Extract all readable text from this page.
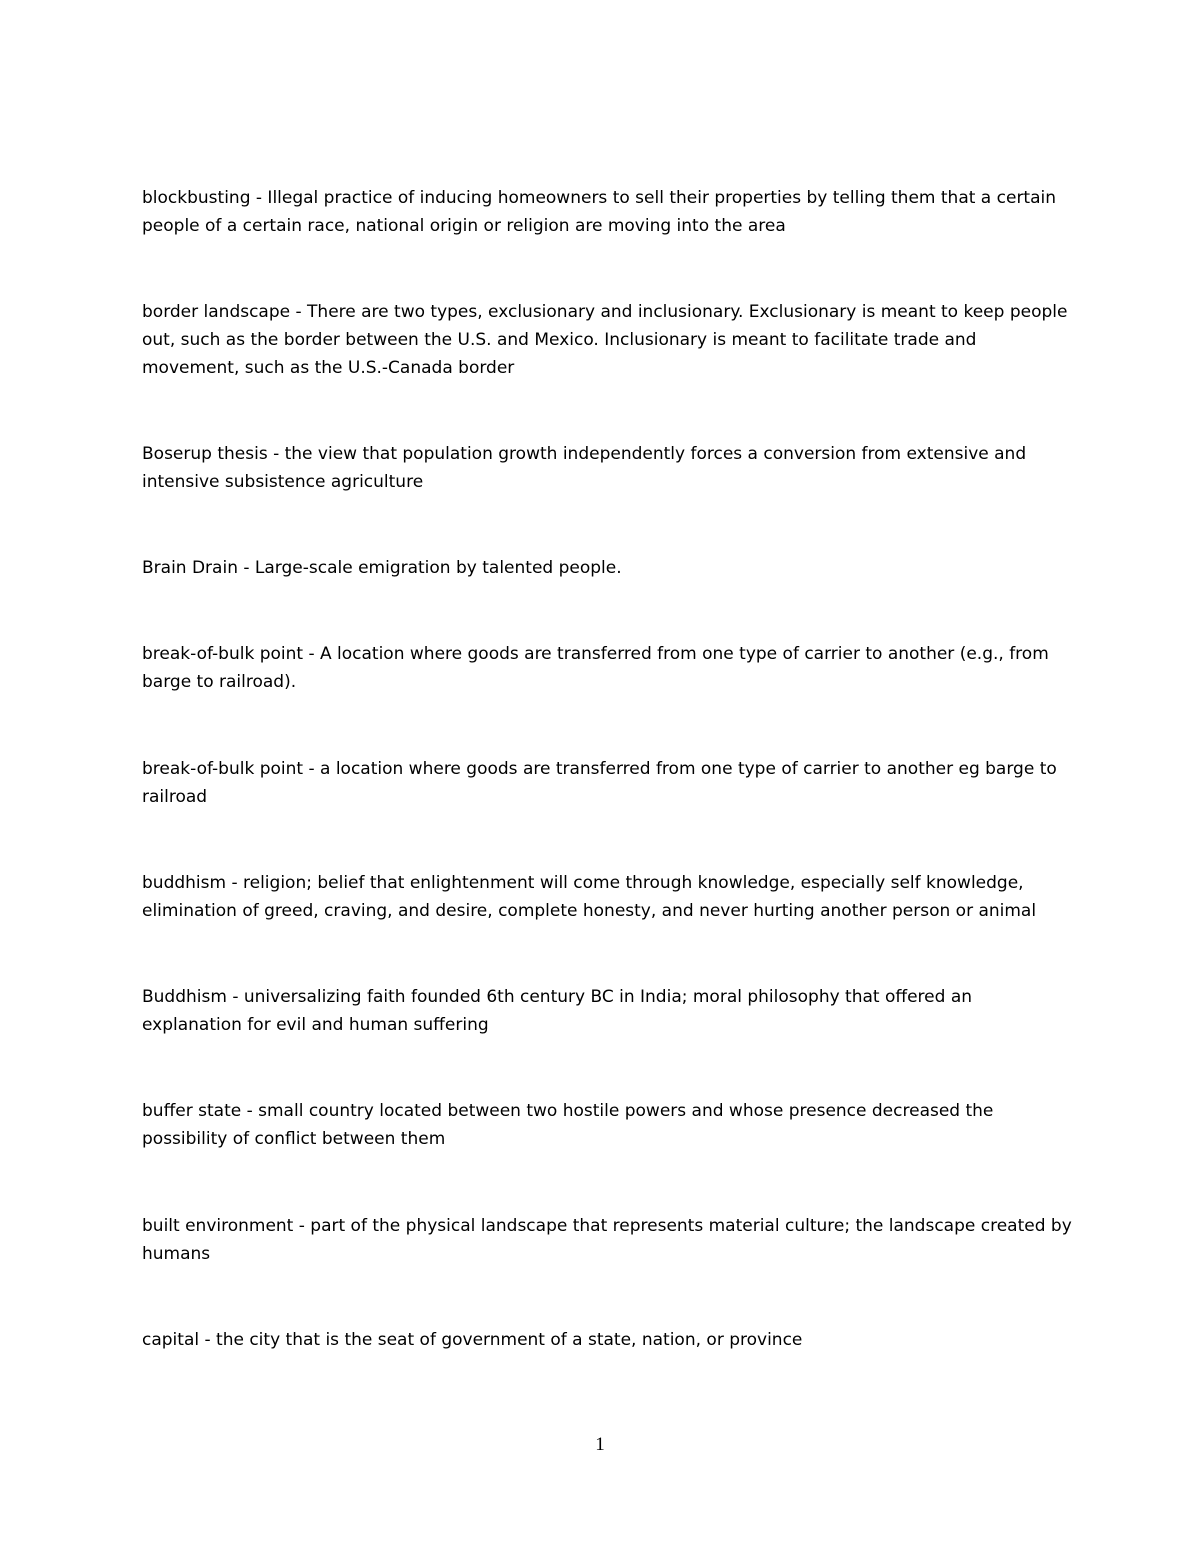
blockbusting - Illegal practice of inducing homeowners to sell their properties by telling them that a certain people of a certain race, national origin or religion are moving into the area

border landscape - There are two types, exclusionary and inclusionary. Exclusionary is meant to keep people out, such as the border between the U.S. and Mexico. Inclusionary is meant to facilitate trade and movement, such as the U.S.-Canada border

Boserup thesis - the view that population growth independently forces a conversion from extensive and intensive subsistence agriculture

Brain Drain - Large-scale emigration by talented people.

break-of-bulk point - A location where goods are transferred from one type of carrier to another (e.g., from barge to railroad).

break-of-bulk point - a location where goods are transferred from one type of carrier to another eg barge to railroad

buddhism - religion; belief that enlightenment will come through knowledge, especially self knowledge, elimination of greed, craving, and desire, complete honesty, and never hurting another person or animal

Buddhism - universalizing faith founded 6th century BC in India; moral philosophy that offered an explanation for evil and human suffering

buffer state - small country located between two hostile powers and whose presence decreased the possibility of conflict between them

built environment - part of the physical landscape that represents material culture; the landscape created by humans

capital - the city that is the seat of government of a state, nation, or province

1
